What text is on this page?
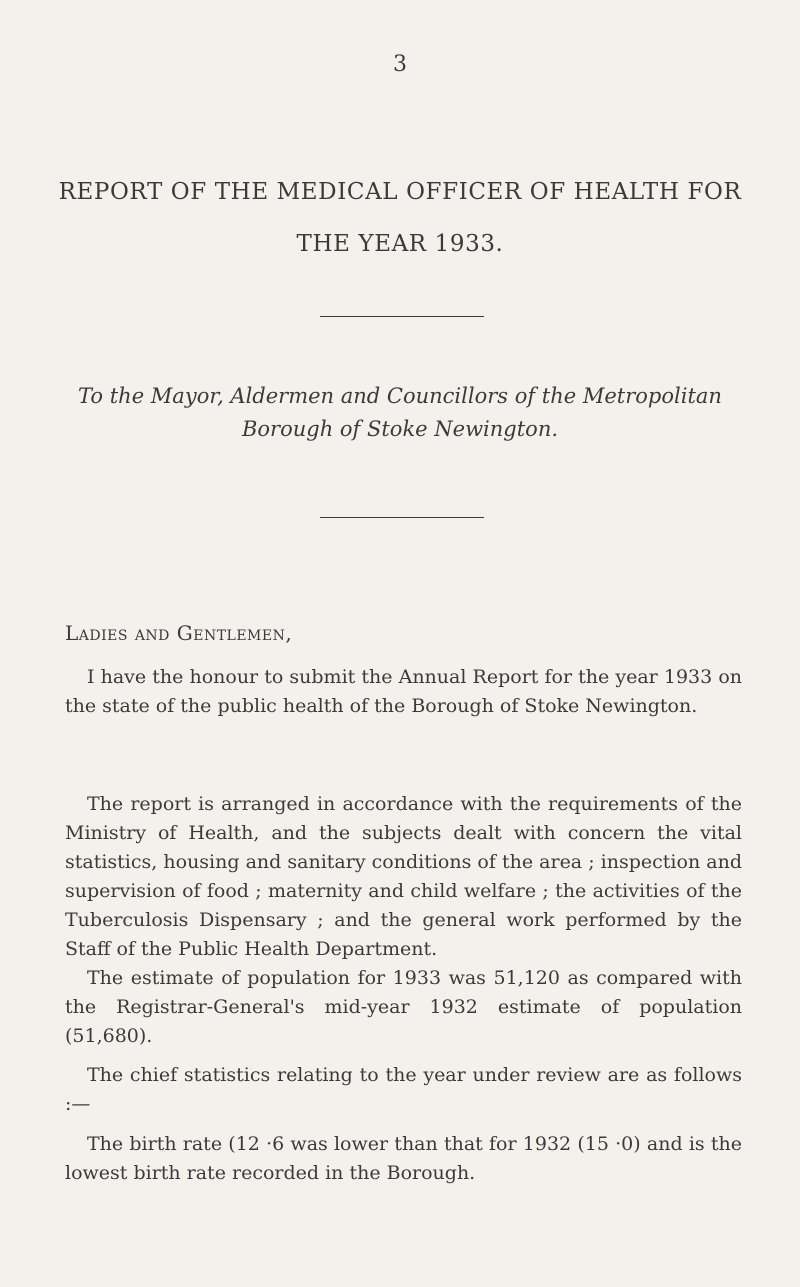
3
REPORT OF THE MEDICAL OFFICER OF HEALTH FOR
THE YEAR 1933.
To the Mayor, Aldermen and Councillors of the Metropolitan
Borough of Stoke Newington.
Ladies and Gentlemen,

I have the honour to submit the Annual Report for the year 1933 on the state of the public health of the Borough of Stoke Newington.

The report is arranged in accordance with the requirements of the Ministry of Health, and the subjects dealt with concern the vital statistics, housing and sanitary conditions of the area ; inspection and supervision of food ; maternity and child welfare ; the activities of the Tuberculosis Dispensary ; and the general work performed by the Staff of the Public Health Department.

The estimate of population for 1933 was 51,120 as compared with the Registrar-General's mid-year 1932 estimate of population (51,680).

The chief statistics relating to the year under review are as follows :—

The birth rate (12 ·6 was lower than that for 1932 (15 ·0) and is the lowest birth rate recorded in the Borough.
